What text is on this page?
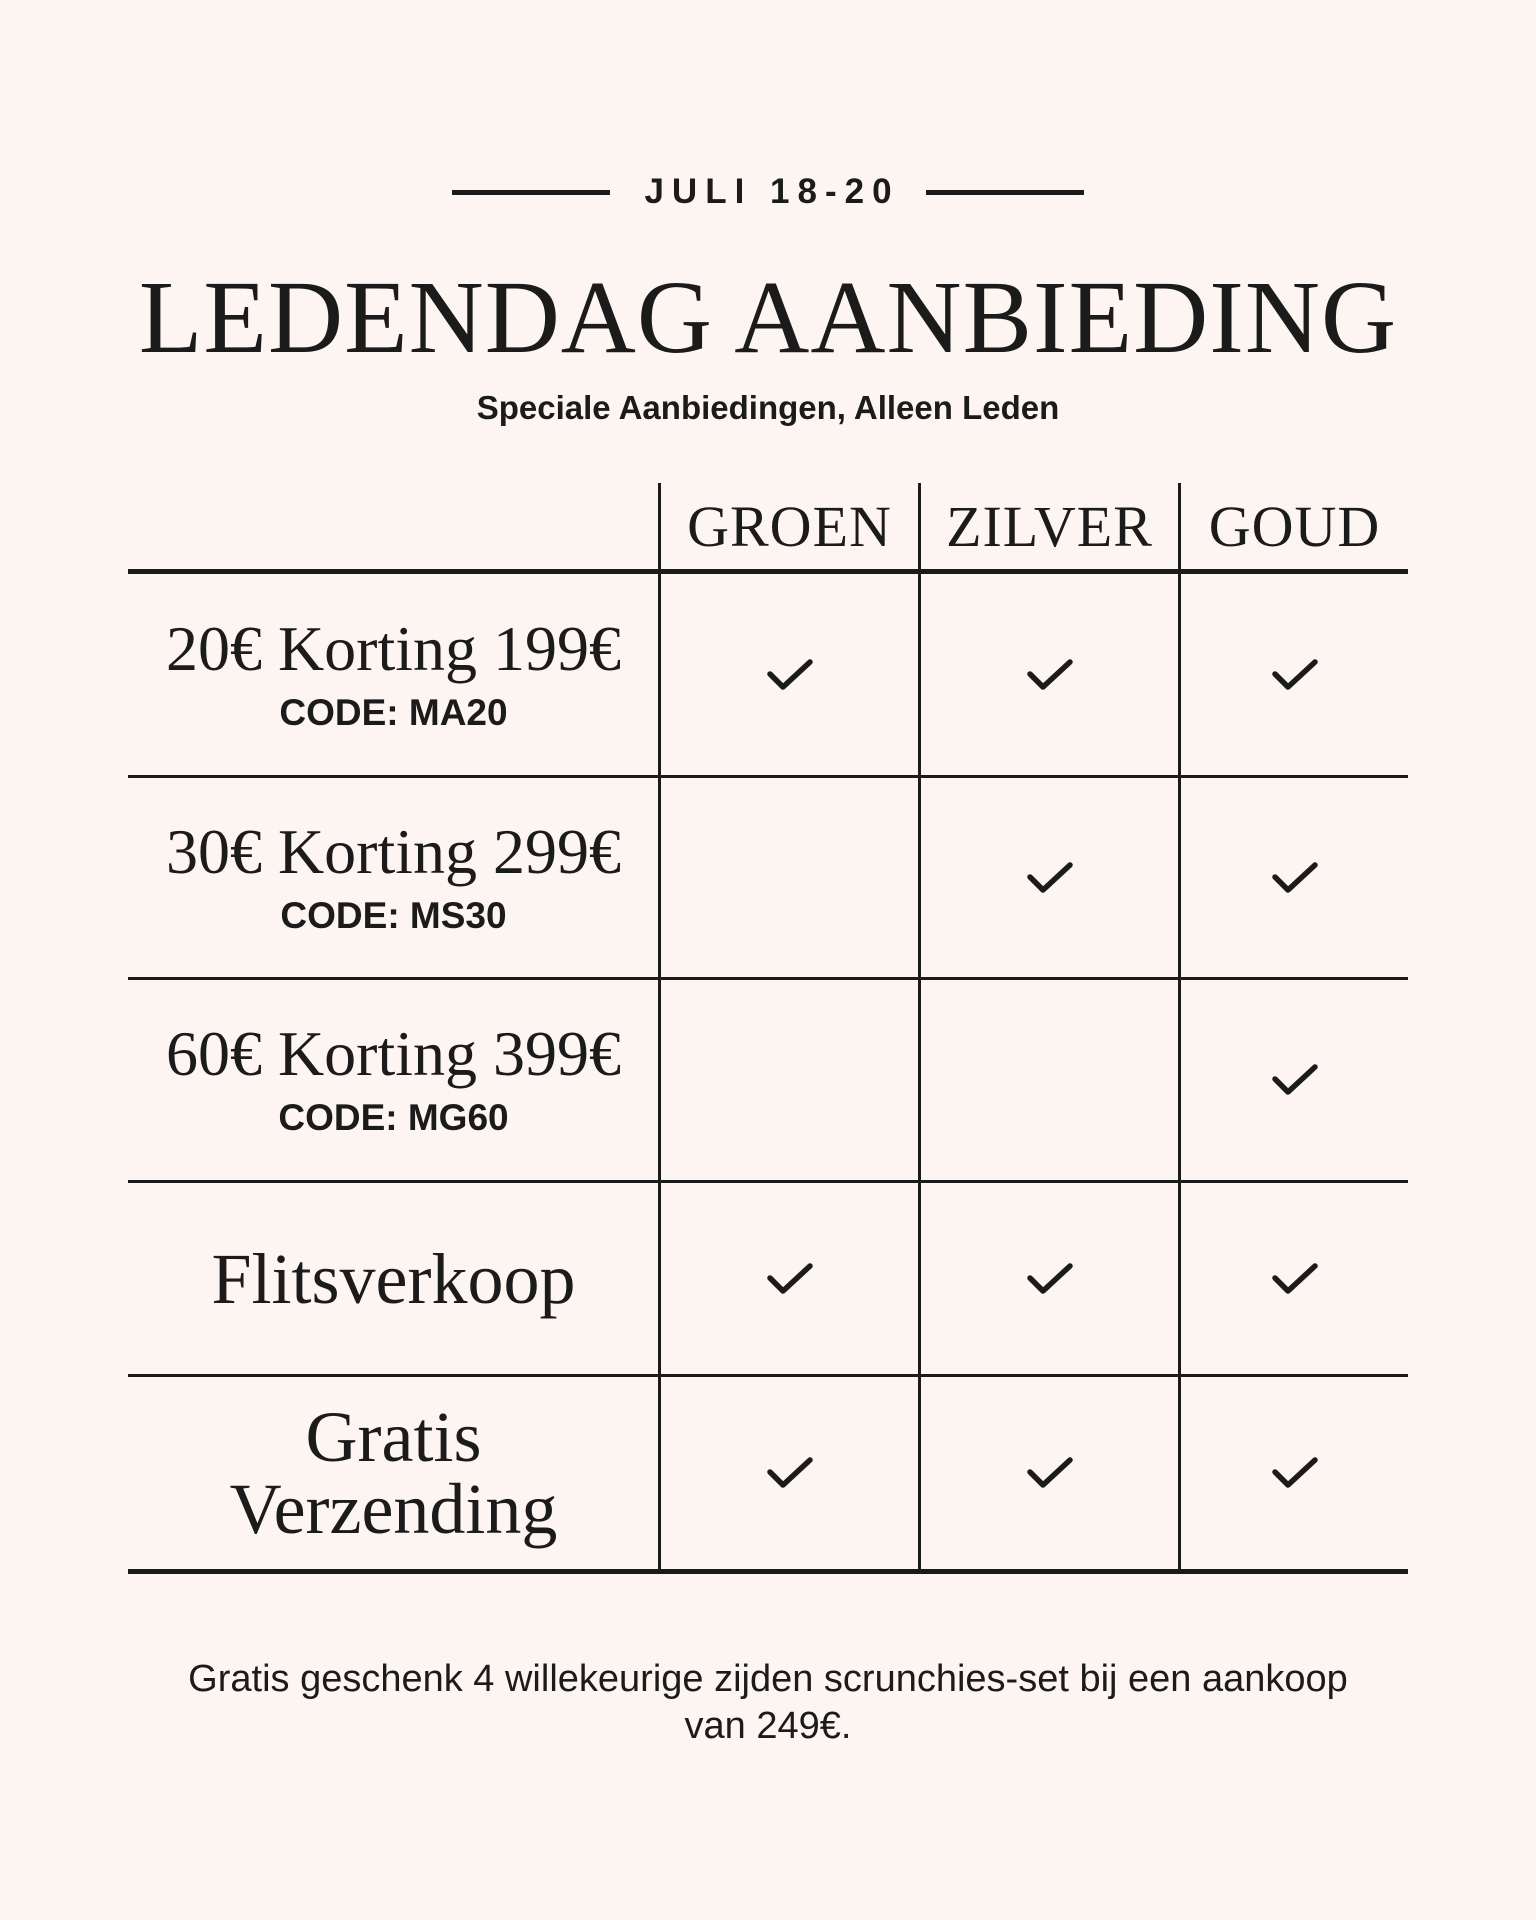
JULI 18-20
LEDENDAG AANBIEDING
Speciale Aanbiedingen, Alleen Leden
GROEN ZILVER GOUD
20€ Korting 199€
CODE: MA20
30€ Korting 299€
CODE: MS30
60€ Korting 399€
CODE: MG60
Flitsverkoop
Gratis Verzending
Gratis geschenk 4 willekeurige zijden scrunchies-set bij een aankoop van 249€.
